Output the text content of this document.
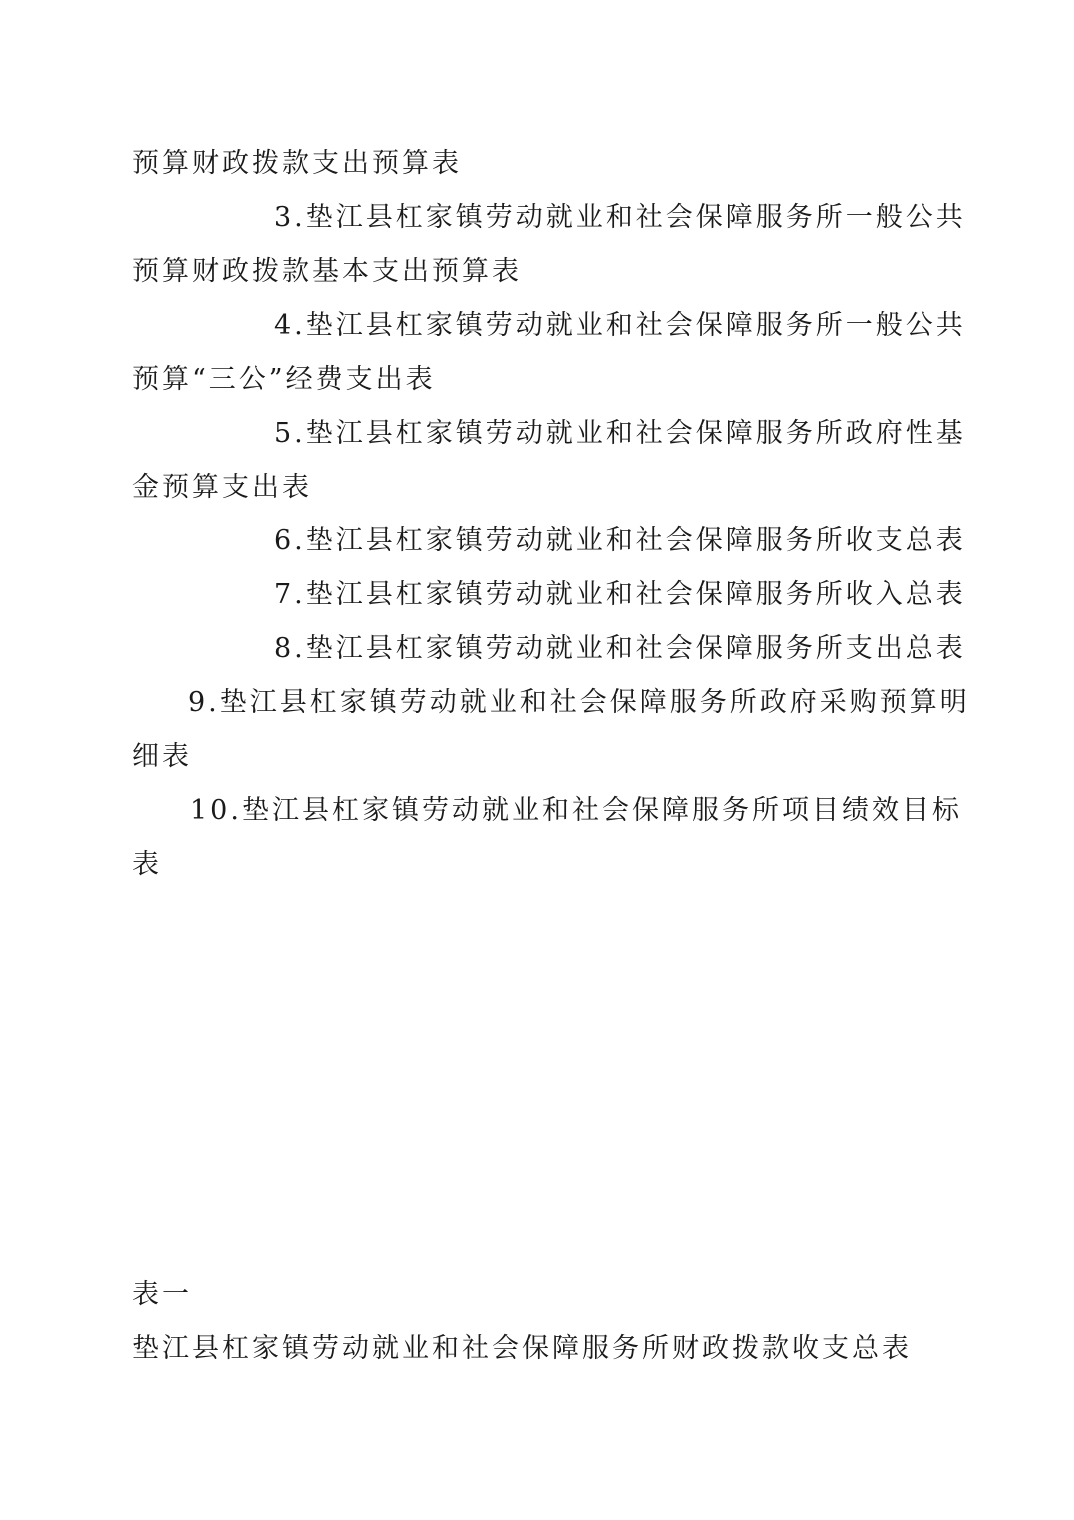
预算财政拨款支出预算表
3.垫江县杠家镇劳动就业和社会保障服务所一般公共
预算财政拨款基本支出预算表
4.垫江县杠家镇劳动就业和社会保障服务所一般公共
预算“三公”经费支出表
5.垫江县杠家镇劳动就业和社会保障服务所政府性基
金预算支出表
6.垫江县杠家镇劳动就业和社会保障服务所收支总表
7.垫江县杠家镇劳动就业和社会保障服务所收入总表
8.垫江县杠家镇劳动就业和社会保障服务所支出总表
9.垫江县杠家镇劳动就业和社会保障服务所政府采购预算明
细表
10.垫江县杠家镇劳动就业和社会保障服务所项目绩效目标
表
表一
垫江县杠家镇劳动就业和社会保障服务所财政拨款收支总表
